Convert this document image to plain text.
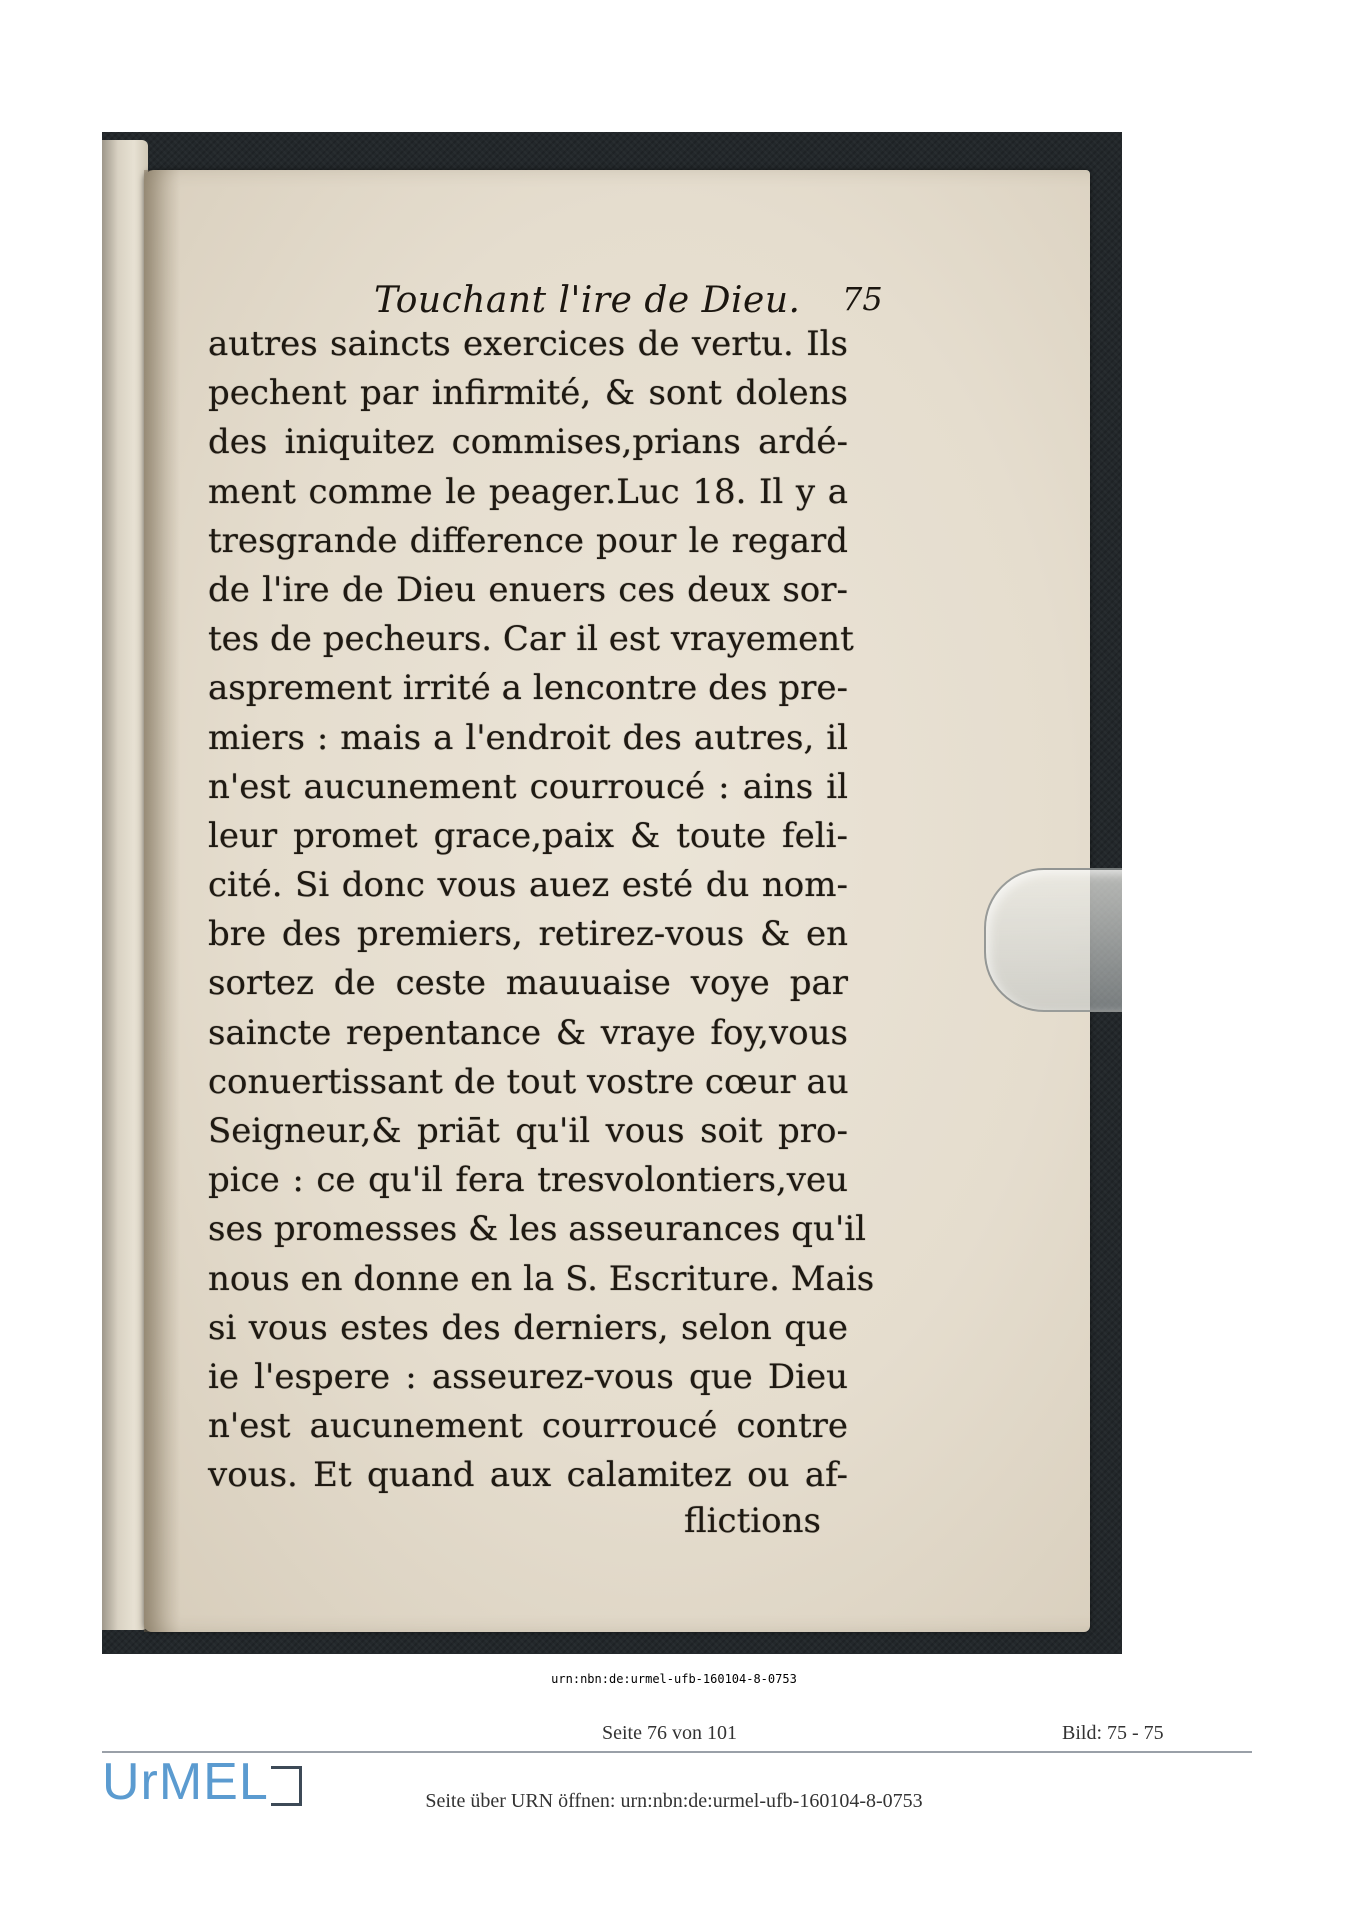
Touchant l'ire de Dieu. 75
autres saincts exercices de vertu. Ils
pechent par infirmité, & sont dolens
des iniquitez commises,prians ardé-
ment comme le peager.Luc 18. Il y a
tresgrande difference pour le regard
de l'ire de Dieu enuers ces deux sor-
tes de pecheurs. Car il est vrayement
asprement irrité a lencontre des pre-
miers : mais a l'endroit des autres, il
n'est aucunement courroucé : ains il
leur promet grace,paix & toute feli-
cité. Si donc vous auez esté du nom-
bre des premiers, retirez-vous & en
sortez de ceste mauuaise voye par
saincte repentance & vraye foy,vous
conuertissant de tout vostre cœur au
Seigneur,& priāt qu'il vous soit pro-
pice : ce qu'il fera tresvolontiers,veu
ses promesses & les asseurances qu'il
nous en donne en la S. Escriture. Mais
si vous estes des derniers, selon que
ie l'espere : asseurez-vous que Dieu
n'est aucunement courroucé contre
vous. Et quand aux calamitez ou af-
flictions
urn:nbn:de:urmel-ufb-160104-8-0753
Seite 76 von 101	Bild: 75 - 75
UrMEL	Seite über URN öffnen: urn:nbn:de:urmel-ufb-160104-8-0753
